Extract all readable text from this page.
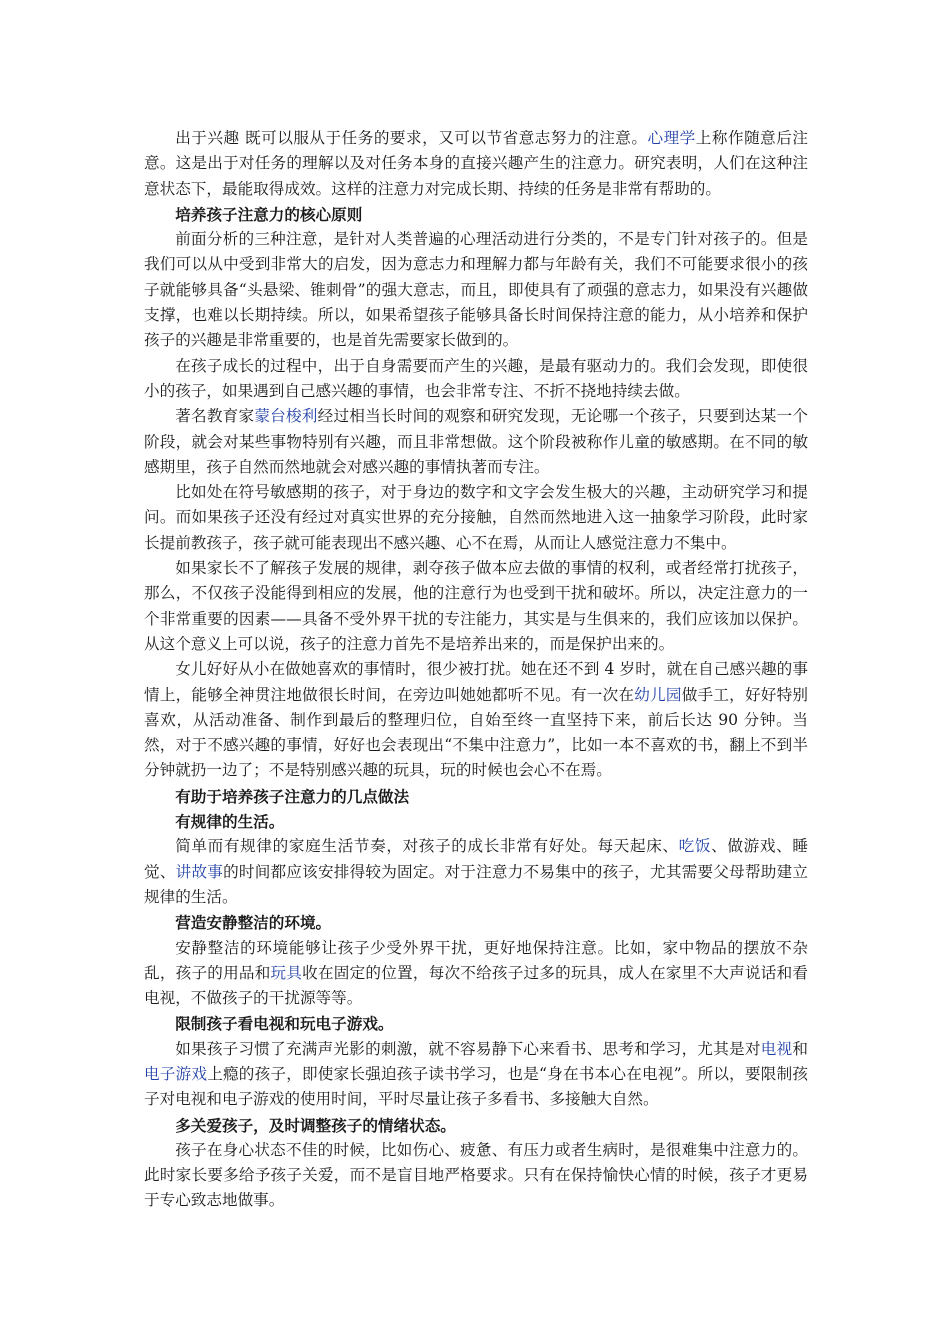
出于兴趣 既可以服从于任务的要求，又可以节省意志努力的注意。心理学上称作随意后注意。这是出于对任务的理解以及对任务本身的直接兴趣产生的注意力。研究表明，人们在这种注意状态下，最能取得成效。这样的注意力对完成长期、持续的任务是非常有帮助的。

培养孩子注意力的核心原则

前面分析的三种注意，是针对人类普遍的心理活动进行分类的，不是专门针对孩子的。但是我们可以从中受到非常大的启发，因为意志力和理解力都与年龄有关，我们不可能要求很小的孩子就能够具备“头悬梁、锥刺骨”的强大意志，而且，即使具有了顽强的意志力，如果没有兴趣做支撑，也难以长期持续。所以，如果希望孩子能够具备长时间保持注意的能力，从小培养和保护孩子的兴趣是非常重要的，也是首先需要家长做到的。

在孩子成长的过程中，出于自身需要而产生的兴趣，是最有驱动力的。我们会发现，即使很小的孩子，如果遇到自己感兴趣的事情，也会非常专注、不折不挠地持续去做。

著名教育家蒙台梭利经过相当长时间的观察和研究发现，无论哪一个孩子，只要到达某一个阶段，就会对某些事物特别有兴趣，而且非常想做。这个阶段被称作儿童的敏感期。在不同的敏感期里，孩子自然而然地就会对感兴趣的事情执著而专注。

比如处在符号敏感期的孩子，对于身边的数字和文字会发生极大的兴趣，主动研究学习和提问。而如果孩子还没有经过对真实世界的充分接触，自然而然地进入这一抽象学习阶段，此时家长提前教孩子，孩子就可能表现出不感兴趣、心不在焉，从而让人感觉注意力不集中。

如果家长不了解孩子发展的规律，剥夺孩子做本应去做的事情的权利，或者经常打扰孩子，那么，不仅孩子没能得到相应的发展，他的注意行为也受到干扰和破坏。所以，决定注意力的一个非常重要的因素——具备不受外界干扰的专注能力，其实是与生俱来的，我们应该加以保护。从这个意义上可以说，孩子的注意力首先不是培养出来的，而是保护出来的。

女儿好好从小在做她喜欢的事情时，很少被打扰。她在还不到 4 岁时，就在自己感兴趣的事情上，能够全神贯注地做很长时间，在旁边叫她她都听不见。有一次在幼儿园做手工，好好特别喜欢，从活动准备、制作到最后的整理归位，自始至终一直坚持下来，前后长达 90 分钟。当然，对于不感兴趣的事情，好好也会表现出“不集中注意力”，比如一本不喜欢的书，翻上不到半分钟就扔一边了；不是特别感兴趣的玩具，玩的时候也会心不在焉。

有助于培养孩子注意力的几点做法

有规律的生活。

简单而有规律的家庭生活节奏，对孩子的成长非常有好处。每天起床、吃饭、做游戏、睡觉、讲故事的时间都应该安排得较为固定。对于注意力不易集中的孩子，尤其需要父母帮助建立规律的生活。

营造安静整洁的环境。

安静整洁的环境能够让孩子少受外界干扰，更好地保持注意。比如，家中物品的摆放不杂乱，孩子的用品和玩具收在固定的位置，每次不给孩子过多的玩具，成人在家里不大声说话和看电视，不做孩子的干扰源等等。

限制孩子看电视和玩电子游戏。

如果孩子习惯了充满声光影的刺激，就不容易静下心来看书、思考和学习，尤其是对电视和电子游戏上瘾的孩子，即使家长强迫孩子读书学习，也是“身在书本心在电视”。所以，要限制孩子对电视和电子游戏的使用时间，平时尽量让孩子多看书、多接触大自然。

多关爱孩子，及时调整孩子的情绪状态。

孩子在身心状态不佳的时候，比如伤心、疲惫、有压力或者生病时，是很难集中注意力的。此时家长要多给予孩子关爱，而不是盲目地严格要求。只有在保持愉快心情的时候，孩子才更易于专心致志地做事。
